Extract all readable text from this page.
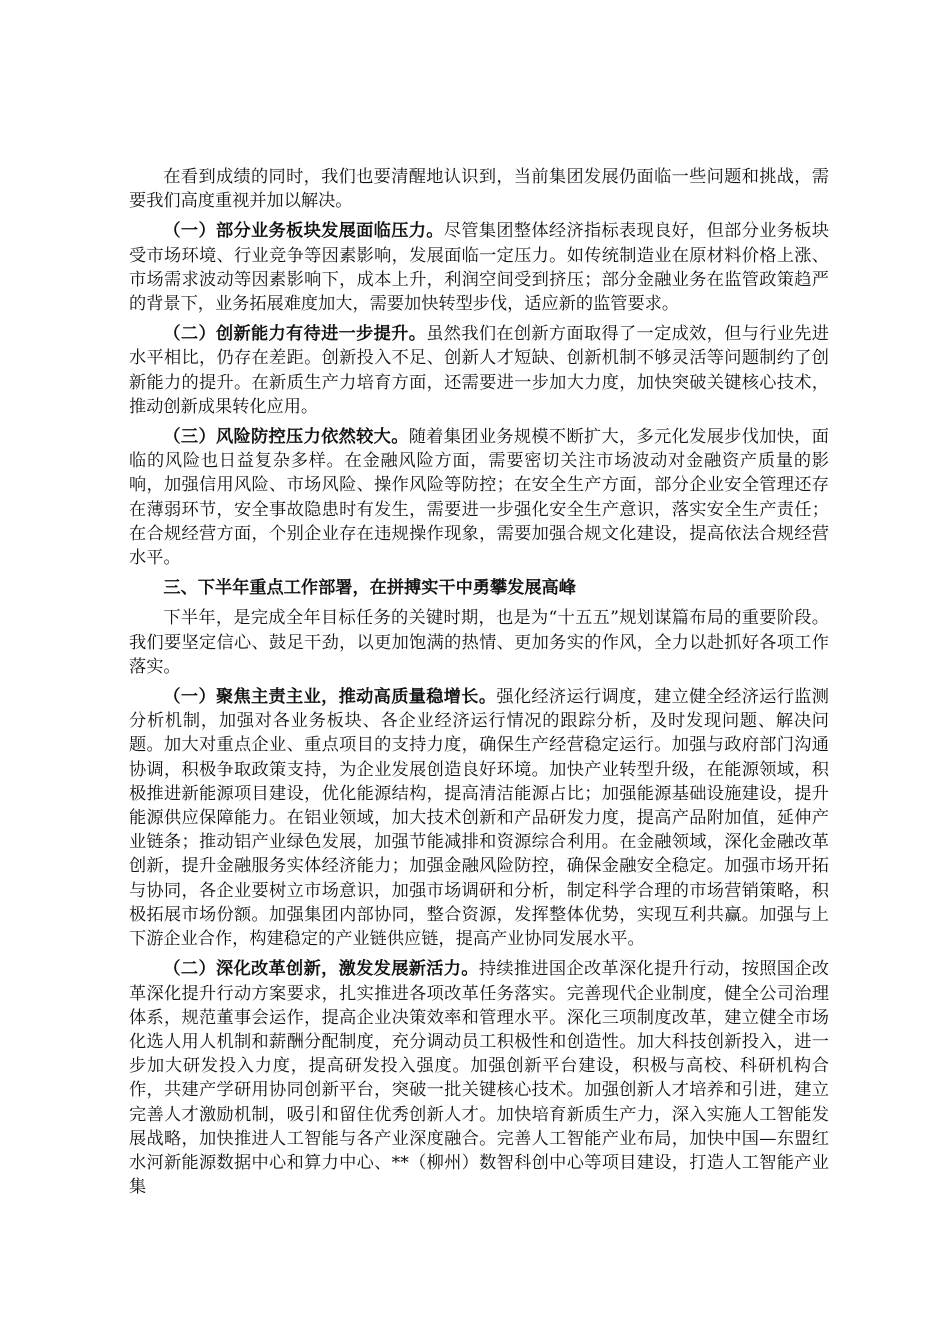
在看到成绩的同时，我们也要清醒地认识到，当前集团发展仍面临一些问题和挑战，需要我们高度重视并加以解决。

（一）部分业务板块发展面临压力。尽管集团整体经济指标表现良好，但部分业务板块受市场环境、行业竞争等因素影响，发展面临一定压力。如传统制造业在原材料价格上涨、市场需求波动等因素影响下，成本上升，利润空间受到挤压；部分金融业务在监管政策趋严的背景下，业务拓展难度加大，需要加快转型步伐，适应新的监管要求。

（二）创新能力有待进一步提升。虽然我们在创新方面取得了一定成效，但与行业先进水平相比，仍存在差距。创新投入不足、创新人才短缺、创新机制不够灵活等问题制约了创新能力的提升。在新质生产力培育方面，还需要进一步加大力度，加快突破关键核心技术，推动创新成果转化应用。

（三）风险防控压力依然较大。随着集团业务规模不断扩大，多元化发展步伐加快，面临的风险也日益复杂多样。在金融风险方面，需要密切关注市场波动对金融资产质量的影响，加强信用风险、市场风险、操作风险等防控；在安全生产方面，部分企业安全管理还存在薄弱环节，安全事故隐患时有发生，需要进一步强化安全生产意识，落实安全生产责任；在合规经营方面，个别企业存在违规操作现象，需要加强合规文化建设，提高依法合规经营水平。

三、下半年重点工作部署，在拼搏实干中勇攀发展高峰

下半年，是完成全年目标任务的关键时期，也是为“十五五”规划谋篇布局的重要阶段。我们要坚定信心、鼓足干劲，以更加饱满的热情、更加务实的作风，全力以赴抓好各项工作落实。

（一）聚焦主责主业，推动高质量稳增长。强化经济运行调度，建立健全经济运行监测分析机制，加强对各业务板块、各企业经济运行情况的跟踪分析，及时发现问题、解决问题。加大对重点企业、重点项目的支持力度，确保生产经营稳定运行。加强与政府部门沟通协调，积极争取政策支持，为企业发展创造良好环境。加快产业转型升级，在能源领域，积极推进新能源项目建设，优化能源结构，提高清洁能源占比；加强能源基础设施建设，提升能源供应保障能力。在铝业领域，加大技术创新和产品研发力度，提高产品附加值，延伸产业链条；推动铝产业绿色发展，加强节能减排和资源综合利用。在金融领域，深化金融改革创新，提升金融服务实体经济能力；加强金融风险防控，确保金融安全稳定。加强市场开拓与协同，各企业要树立市场意识，加强市场调研和分析，制定科学合理的市场营销策略，积极拓展市场份额。加强集团内部协同，整合资源，发挥整体优势，实现互利共赢。加强与上下游企业合作，构建稳定的产业链供应链，提高产业协同发展水平。

（二）深化改革创新，激发发展新活力。持续推进国企改革深化提升行动，按照国企改革深化提升行动方案要求，扎实推进各项改革任务落实。完善现代企业制度，健全公司治理体系，规范董事会运作，提高企业决策效率和管理水平。深化三项制度改革，建立健全市场化选人用人机制和薪酬分配制度，充分调动员工积极性和创造性。加大科技创新投入，进一步加大研发投入力度，提高研发投入强度。加强创新平台建设，积极与高校、科研机构合作，共建产学研用协同创新平台，突破一批关键核心技术。加强创新人才培养和引进，建立完善人才激励机制，吸引和留住优秀创新人才。加快培育新质生产力，深入实施人工智能发展战略，加快推进人工智能与各产业深度融合。完善人工智能产业布局，加快中国—东盟红水河新能源数据中心和算力中心、**（柳州）数智科创中心等项目建设，打造人工智能产业集
